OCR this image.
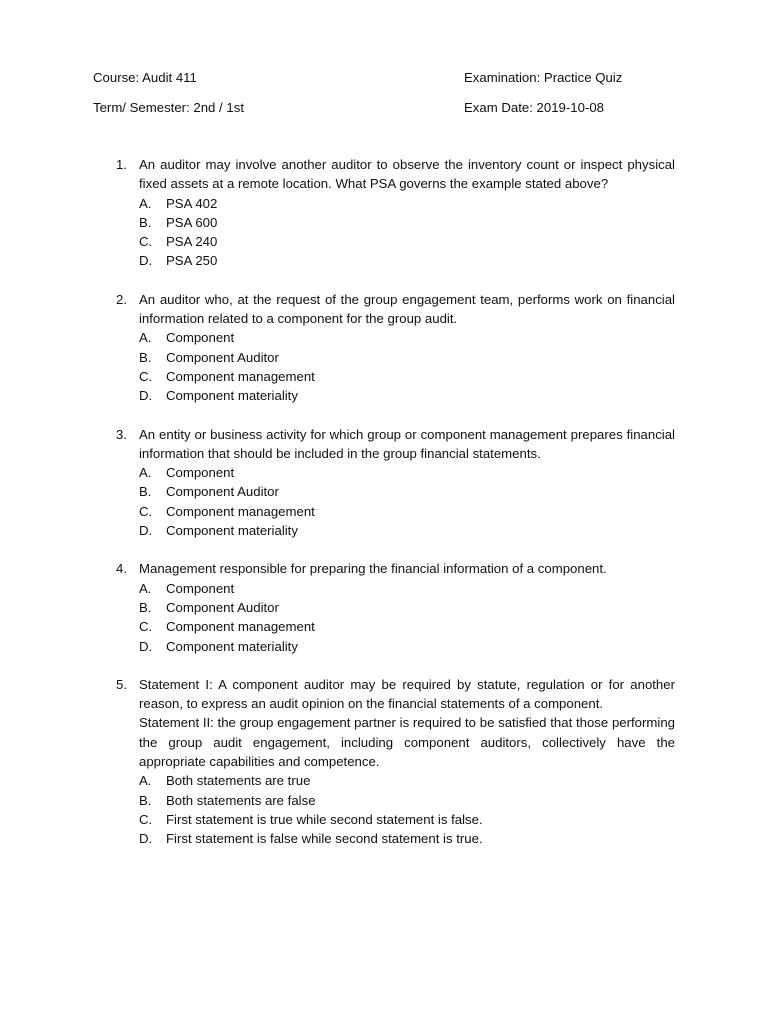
Course: Audit 411
Term/ Semester: 2nd / 1st
Examination: Practice Quiz
Exam Date: 2019-10-08
1. An auditor may involve another auditor to observe the inventory count or inspect physical fixed assets at a remote location. What PSA governs the example stated above?

A. PSA 402
B. PSA 600
C. PSA 240
D. PSA 250
2. An auditor who, at the request of the group engagement team, performs work on financial information related to a component for the group audit.

A. Component
B. Component Auditor
C. Component management
D. Component materiality
3. An entity or business activity for which group or component management prepares financial information that should be included in the group financial statements.

A. Component
B. Component Auditor
C. Component management
D. Component materiality
4. Management responsible for preparing the financial information of a component.

A. Component
B. Component Auditor
C. Component management
D. Component materiality
5. Statement I: A component auditor may be required by statute, regulation or for another reason, to express an audit opinion on the financial statements of a component.

Statement II: the group engagement partner is required to be satisfied that those performing the group audit engagement, including component auditors, collectively have the appropriate capabilities and competence.

A. Both statements are true
B. Both statements are false
C. First statement is true while second statement is false.
D. First statement is false while second statement is true.
